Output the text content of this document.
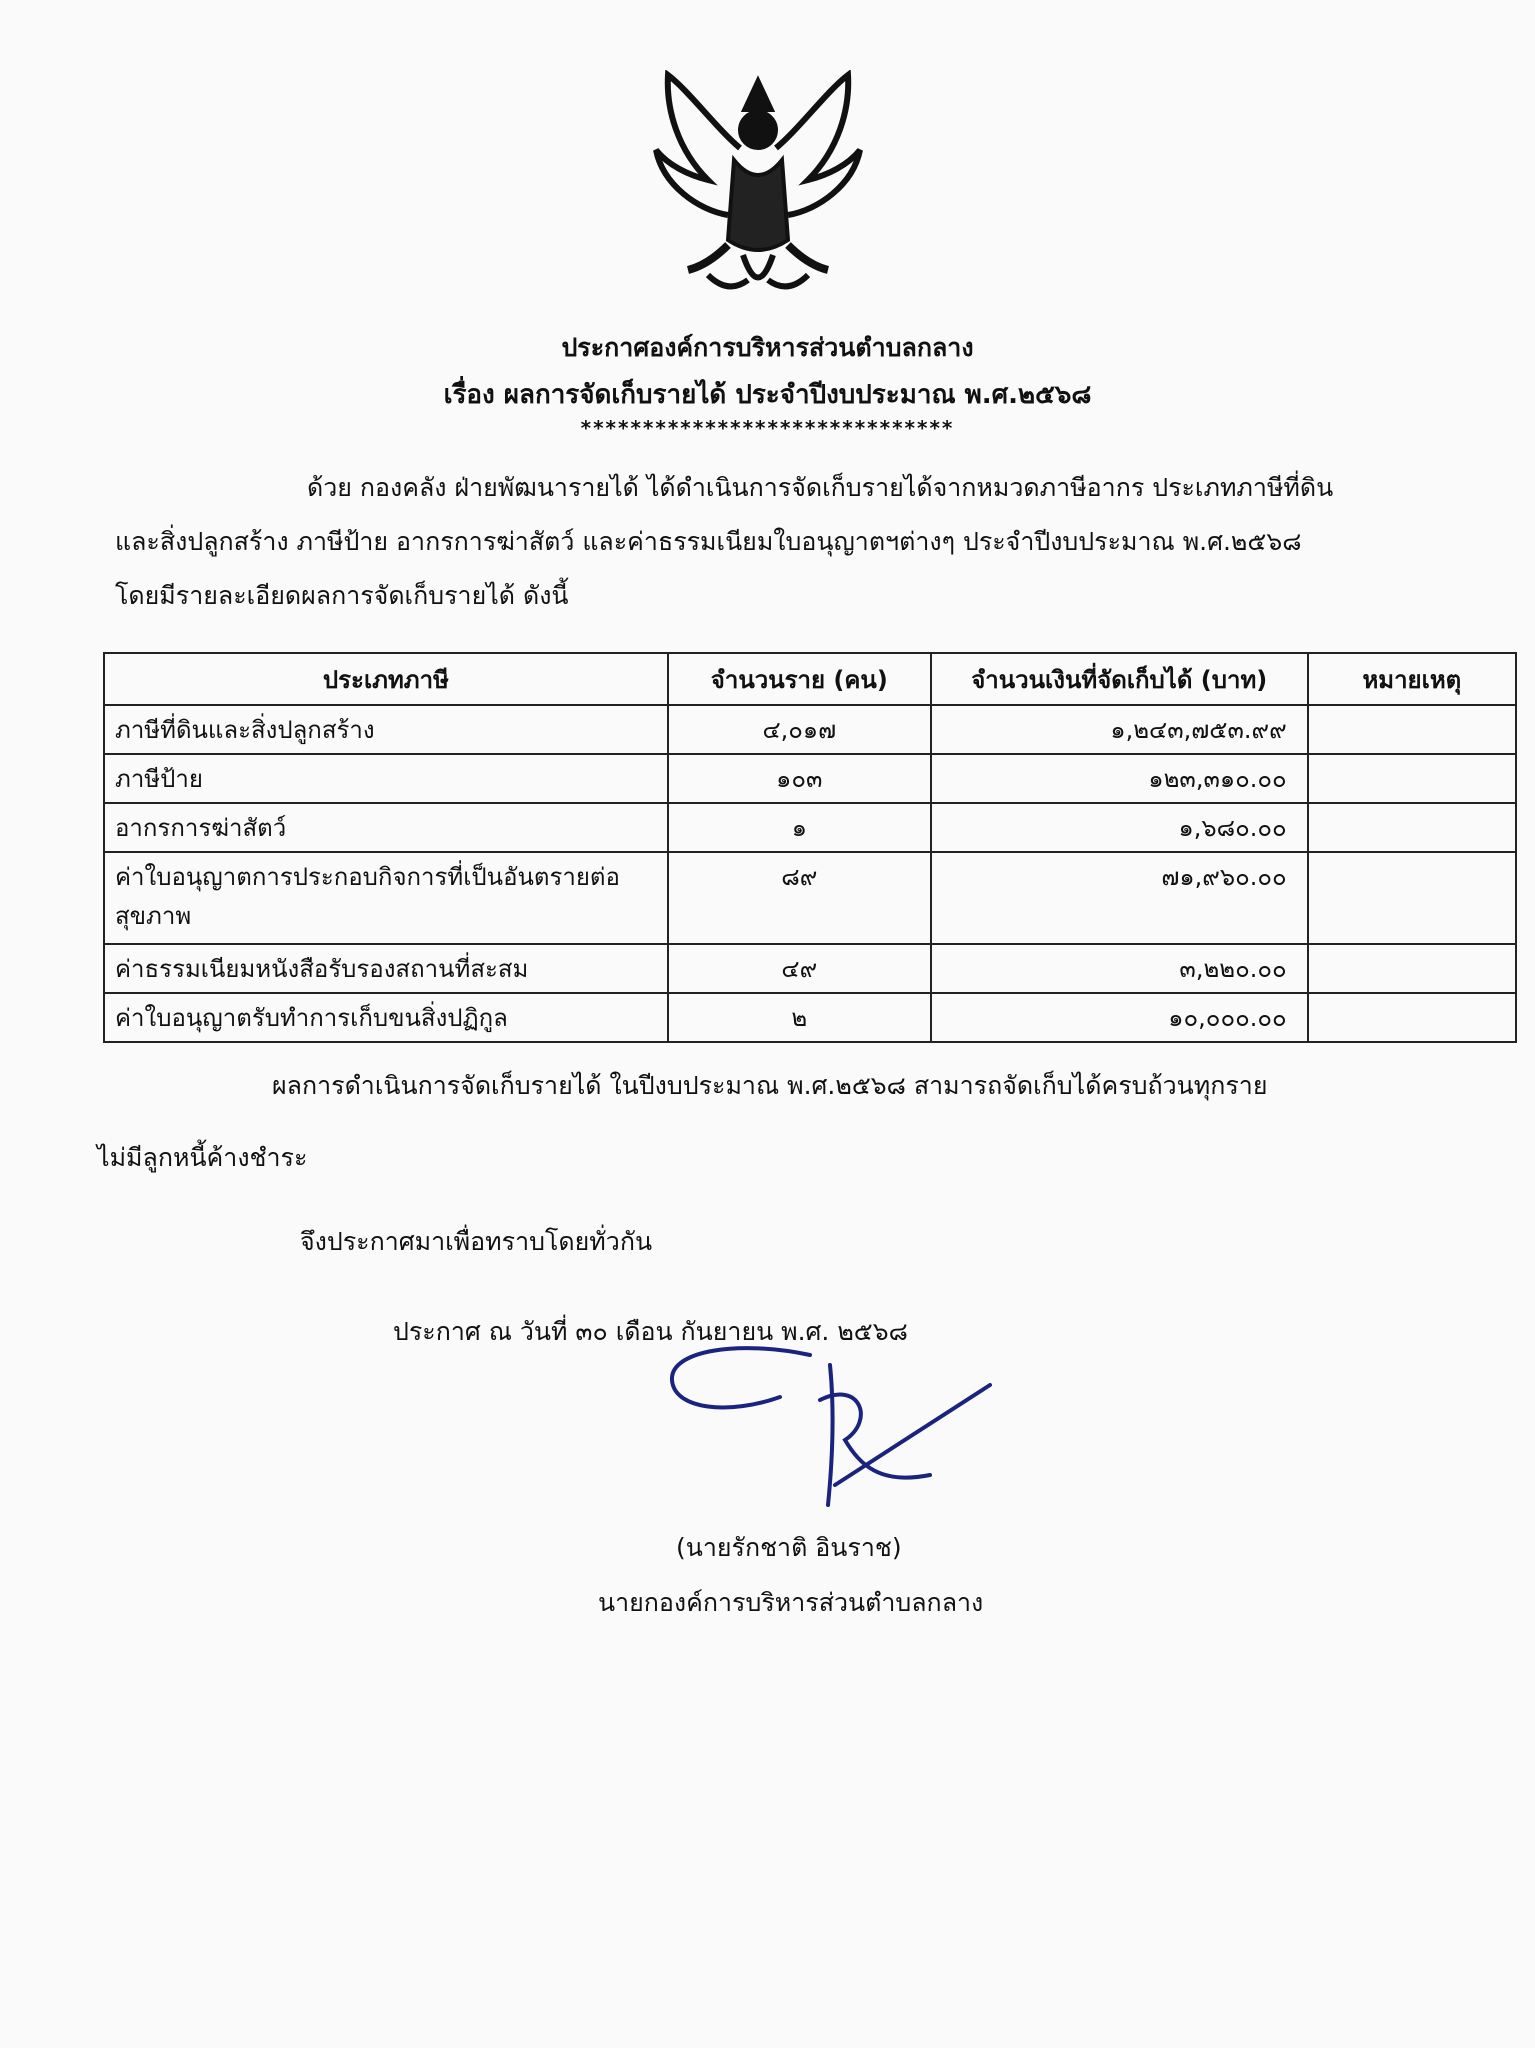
ประกาศองค์การบริหารส่วนตำบลกลาง
เรื่อง ผลการจัดเก็บรายได้ ประจำปีงบประมาณ พ.ศ.๒๕๖๘
******************************
ด้วย กองคลัง ฝ่ายพัฒนารายได้ ได้ดำเนินการจัดเก็บรายได้จากหมวดภาษีอากร ประเภทภาษีที่ดิน
และสิ่งปลูกสร้าง ภาษีป้าย อากรการฆ่าสัตว์ และค่าธรรมเนียมใบอนุญาตฯต่างๆ ประจำปีงบประมาณ พ.ศ.๒๕๖๘
โดยมีรายละเอียดผลการจัดเก็บรายได้ ดังนี้
ประเภทภาษี	จำนวนราย (คน)	จำนวนเงินที่จัดเก็บได้ (บาท)	หมายเหตุ
ภาษีที่ดินและสิ่งปลูกสร้าง	๔,๐๑๗	๑,๒๔๓,๗๕๓.๙๙	
ภาษีป้าย	๑๐๓	๑๒๓,๓๑๐.๐๐	
อากรการฆ่าสัตว์	๑	๑,๖๘๐.๐๐	
ค่าใบอนุญาตการประกอบกิจการที่เป็นอันตรายต่อสุขภาพ	๘๙	๗๑,๙๖๐.๐๐	
ค่าธรรมเนียมหนังสือรับรองสถานที่สะสม	๔๙	๓,๒๒๐.๐๐	
ค่าใบอนุญาตรับทำการเก็บขนสิ่งปฏิกูล	๒	๑๐,๐๐๐.๐๐	
ผลการดำเนินการจัดเก็บรายได้ ในปีงบประมาณ พ.ศ.๒๕๖๘ สามารถจัดเก็บได้ครบถ้วนทุกราย
ไม่มีลูกหนี้ค้างชำระ
จึงประกาศมาเพื่อทราบโดยทั่วกัน
ประกาศ ณ วันที่ ๓๐ เดือน กันยายน พ.ศ. ๒๕๖๘
(นายรักชาติ อินราช)
นายกองค์การบริหารส่วนตำบลกลาง
